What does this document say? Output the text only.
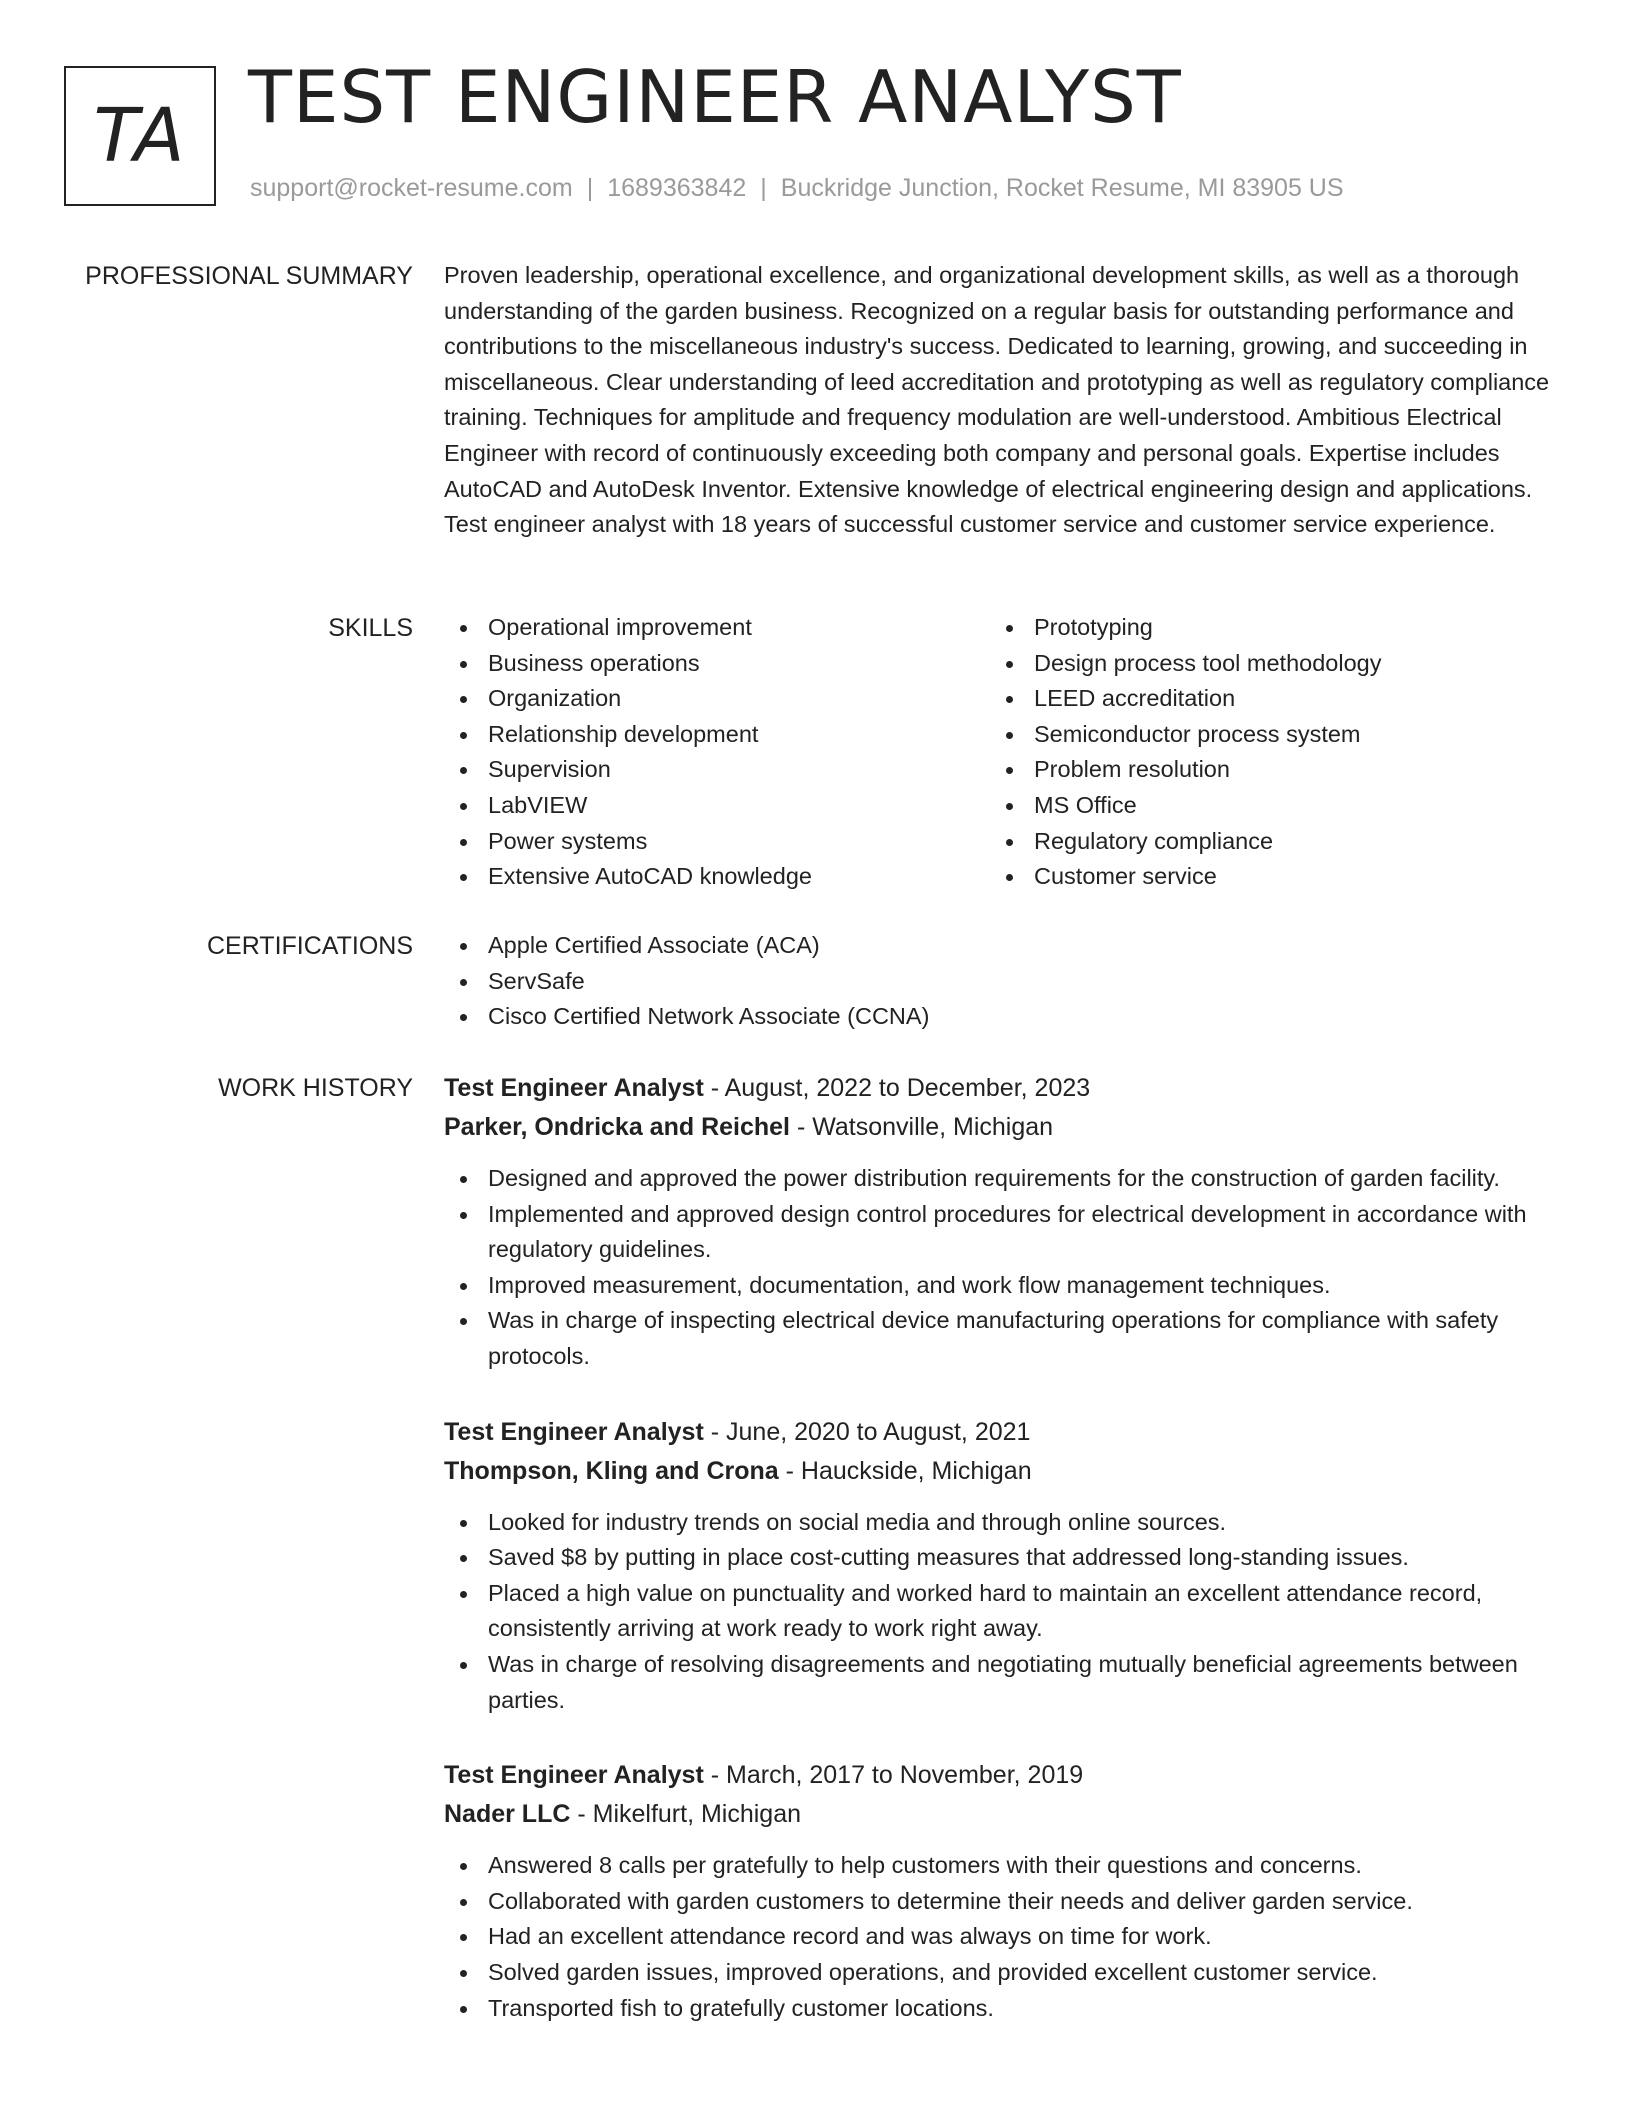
TA TEST ENGINEER ANALYST
support@rocket-resume.com | 1689363842 | Buckridge Junction, Rocket Resume, MI 83905 US
PROFESSIONAL SUMMARY Proven leadership, operational excellence, and organizational development skills, as well as a thorough understanding of the garden business. Recognized on a regular basis for outstanding performance and contributions to the miscellaneous industry's success. Dedicated to learning, growing, and succeeding in miscellaneous. Clear understanding of leed accreditation and prototyping as well as regulatory compliance training. Techniques for amplitude and frequency modulation are well-understood. Ambitious Electrical Engineer with record of continuously exceeding both company and personal goals. Expertise includes AutoCAD and AutoDesk Inventor. Extensive knowledge of electrical engineering design and applications. Test engineer analyst with 18 years of successful customer service and customer service experience.
SKILLS	Operational improvement
Business operations
Organization
Relationship development
Supervision
LabVIEW
Power systems
Extensive AutoCAD knowledge
Prototyping
Design process tool methodology
LEED accreditation
Semiconductor process system
Problem resolution
MS Office
Regulatory compliance
Customer service
CERTIFICATIONS	Apple Certified Associate (ACA)
ServSafe
Cisco Certified Network Associate (CCNA)
WORK HISTORY Test Engineer Analyst - August, 2022 to December, 2023
Parker, Ondricka and Reichel - Watsonville, Michigan
Designed and approved the power distribution requirements for the construction of garden facility.
Implemented and approved design control procedures for electrical development in accordance with regulatory guidelines.
Improved measurement, documentation, and work flow management techniques.
Was in charge of inspecting electrical device manufacturing operations for compliance with safety protocols.
Test Engineer Analyst - June, 2020 to August, 2021
Thompson, Kling and Crona - Hauckside, Michigan
Looked for industry trends on social media and through online sources.
Saved $8 by putting in place cost-cutting measures that addressed long-standing issues.
Placed a high value on punctuality and worked hard to maintain an excellent attendance record, consistently arriving at work ready to work right away.
Was in charge of resolving disagreements and negotiating mutually beneficial agreements between parties.
Test Engineer Analyst - March, 2017 to November, 2019
Nader LLC - Mikelfurt, Michigan
Answered 8 calls per gratefully to help customers with their questions and concerns.
Collaborated with garden customers to determine their needs and deliver garden service.
Had an excellent attendance record and was always on time for work.
Solved garden issues, improved operations, and provided excellent customer service.
Transported fish to gratefully customer locations.
